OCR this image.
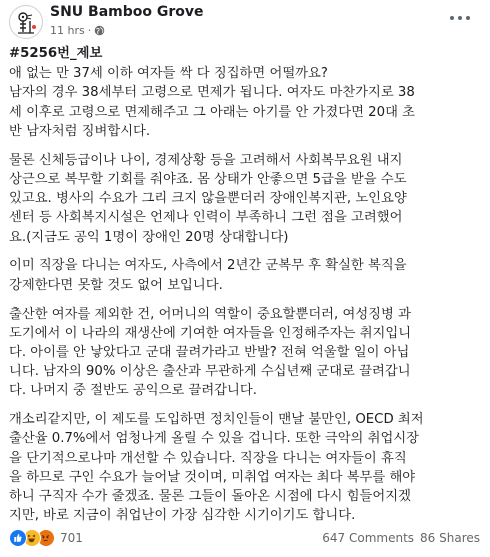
SNU Bamboo Grove
11 hrs ·

#5256번_제보

애 없는 만 37세 이하 여자들 싹 다 징집하면 어떨까요?

남자의 경우 38세부터 고령으로 면제가 됩니다. 여자도 마찬가지로 38
세 이후로 고령으로 면제해주고 그 아래는 아기를 안 가졌다면 20대 초
반 남자처럼 징벼합시다.

물론 신체등급이나 나이, 경제상황 등을 고려해서 사회복무요원 내지
상근으로 복무할 기회를 줘야죠. 몸 상태가 안좋으면 5급을 받을 수도
있고요. 병사의 수요가 그리 크지 않을뿐더러 장애인복지관, 노인요양
센터 등 사회복지시설은 언제나 인력이 부족하니 그런 점을 고려했어
요.(지금도 공익 1명이 장애인 20명 상대합니다)

이미 직장을 다니는 여자도, 사측에서 2년간 군복무 후 확실한 복직을
강제한다면 못할 것도 없어 보입니다.

출산한 여자를 제외한 건, 어머니의 역할이 중요할뿐더러, 여성징병 과
도기에서 이 나라의 재생산에 기여한 여자들을 인정해주자는 취지입니
다. 아이를 안 낳았다고 군대 끌려가라고 반발? 전혀 억울할 일이 아닙
니다. 남자의 90% 이상은 출산과 무관하게 수십년째 군대로 끌려갑니
다. 나머지 중 절반도 공익으로 끌려갑니다.

개소리같지만, 이 제도를 도입하면 정치인들이 맨날 불만인, OECD 최저
출산율 0.7%에서 엄청나게 올릴 수 있을 겁니다. 또한 극악의 취업시장
을 단기적으로나마 개선할 수 있습니다. 직장을 다니는 여자들이 휴직
을 하므로 구인 수요가 늘어날 것이며, 미취업 여자는 최다 복무를 해야
하니 구직자 수가 줄겠죠. 물론 그들이 돌아온 시점에 다시 힘들어지겠
지만, 바로 지금이 취업난이 가장 심각한 시기이기도 합니다.

701	647 Comments 86 Shares
